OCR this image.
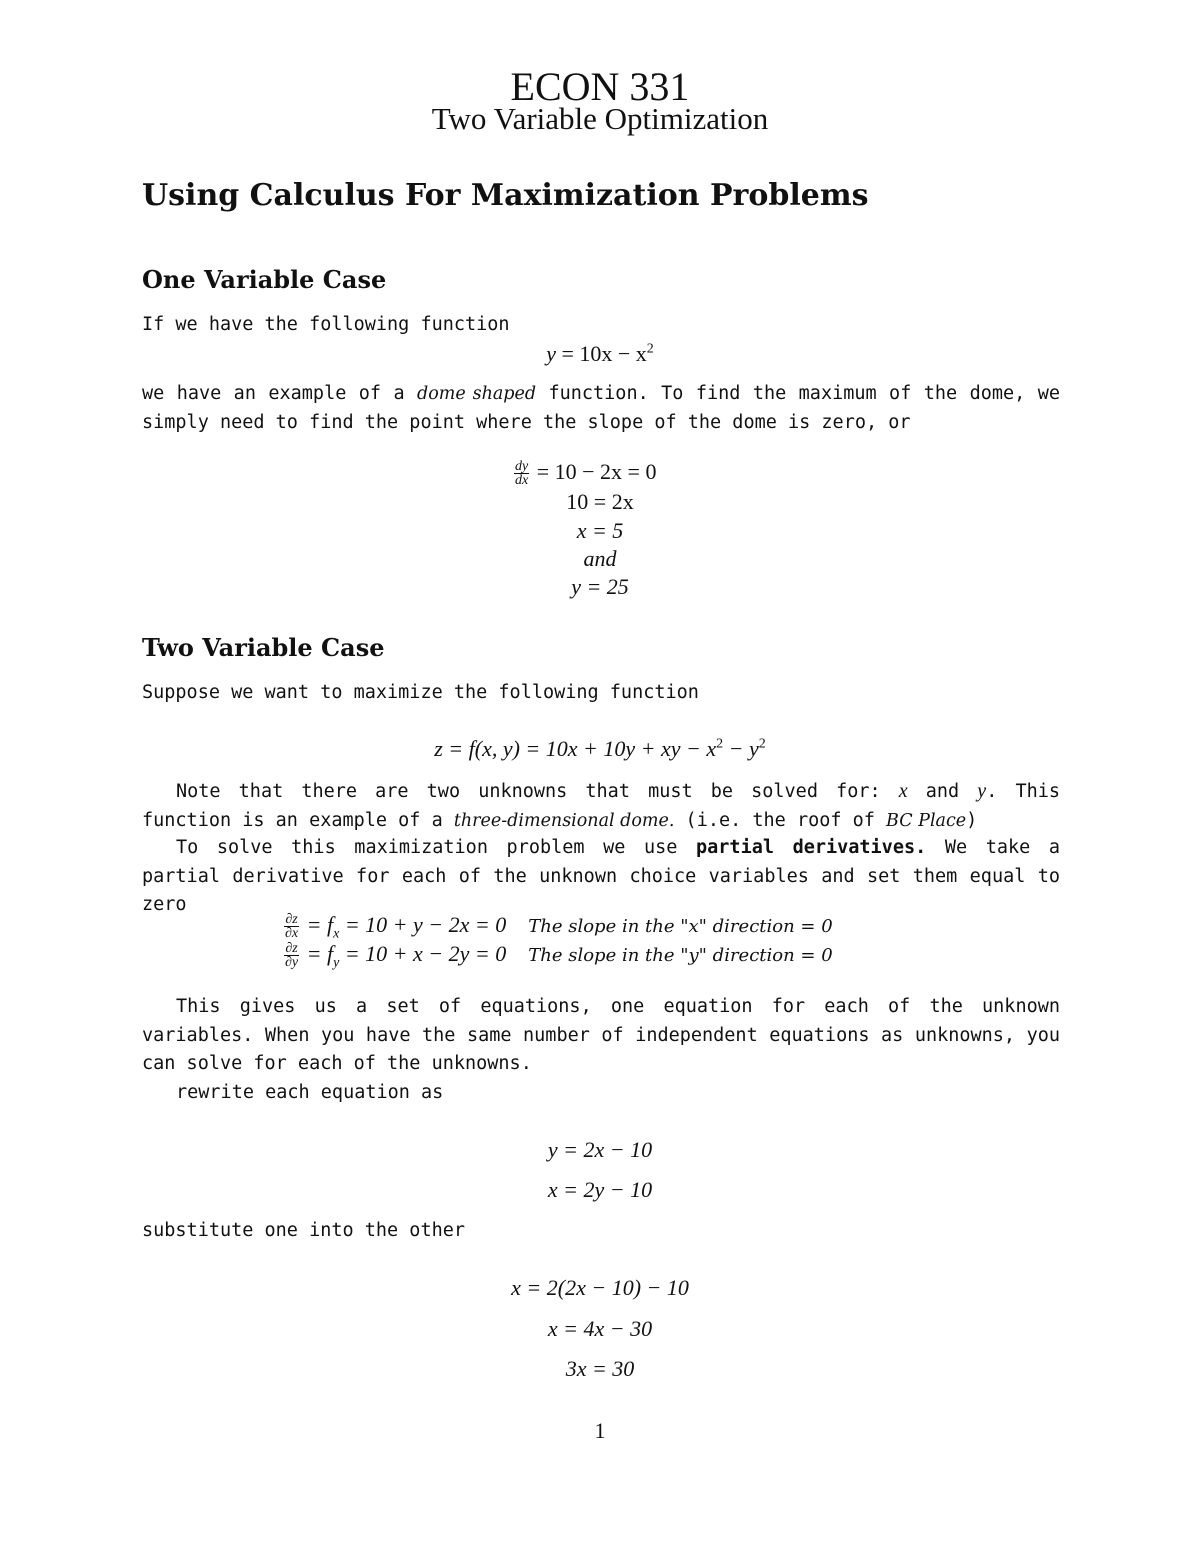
ECON 331
Two Variable Optimization
Using Calculus For Maximization Problems
One Variable Case
If we have the following function
$y = 10x - x^2$
we have an example of a dome shaped function. To find the maximum of the dome, we simply need to find the point where the slope of the dome is zero, or
$\frac{dy}{dx} = 10 - 2x = 0$
10 = 2x
x = 5
and
y = 25
Two Variable Case
Suppose we want to maximize the following function
z = f(x, y) = 10x + 10y + xy − $x^2 - y^2$
Note that there are two unknowns that must be solved for: x and y. This function is an example of a three-dimensional dome. (i.e. the roof of BC Place)
To solve this maximization problem we use partial derivatives. We take a partial derivative for each of the unknown choice variables and set them equal to zero
$\frac{\partial z}{\partial x} = f_x = 10 + y - 2x = 0$ The slope in the "x" direction = 0
$\frac{\partial z}{\partial y} = f_y = 10 + x - 2y = 0$ The slope in the "y" direction = 0
This gives us a set of equations, one equation for each of the unknown variables. When you have the same number of independent equations as unknowns, you can solve for each of the unknowns.
rewrite each equation as
y = 2x − 10
x = 2y − 10
substitute one into the other
x = 2(2x − 10) − 10
x = 4x − 30
3x = 30
1
